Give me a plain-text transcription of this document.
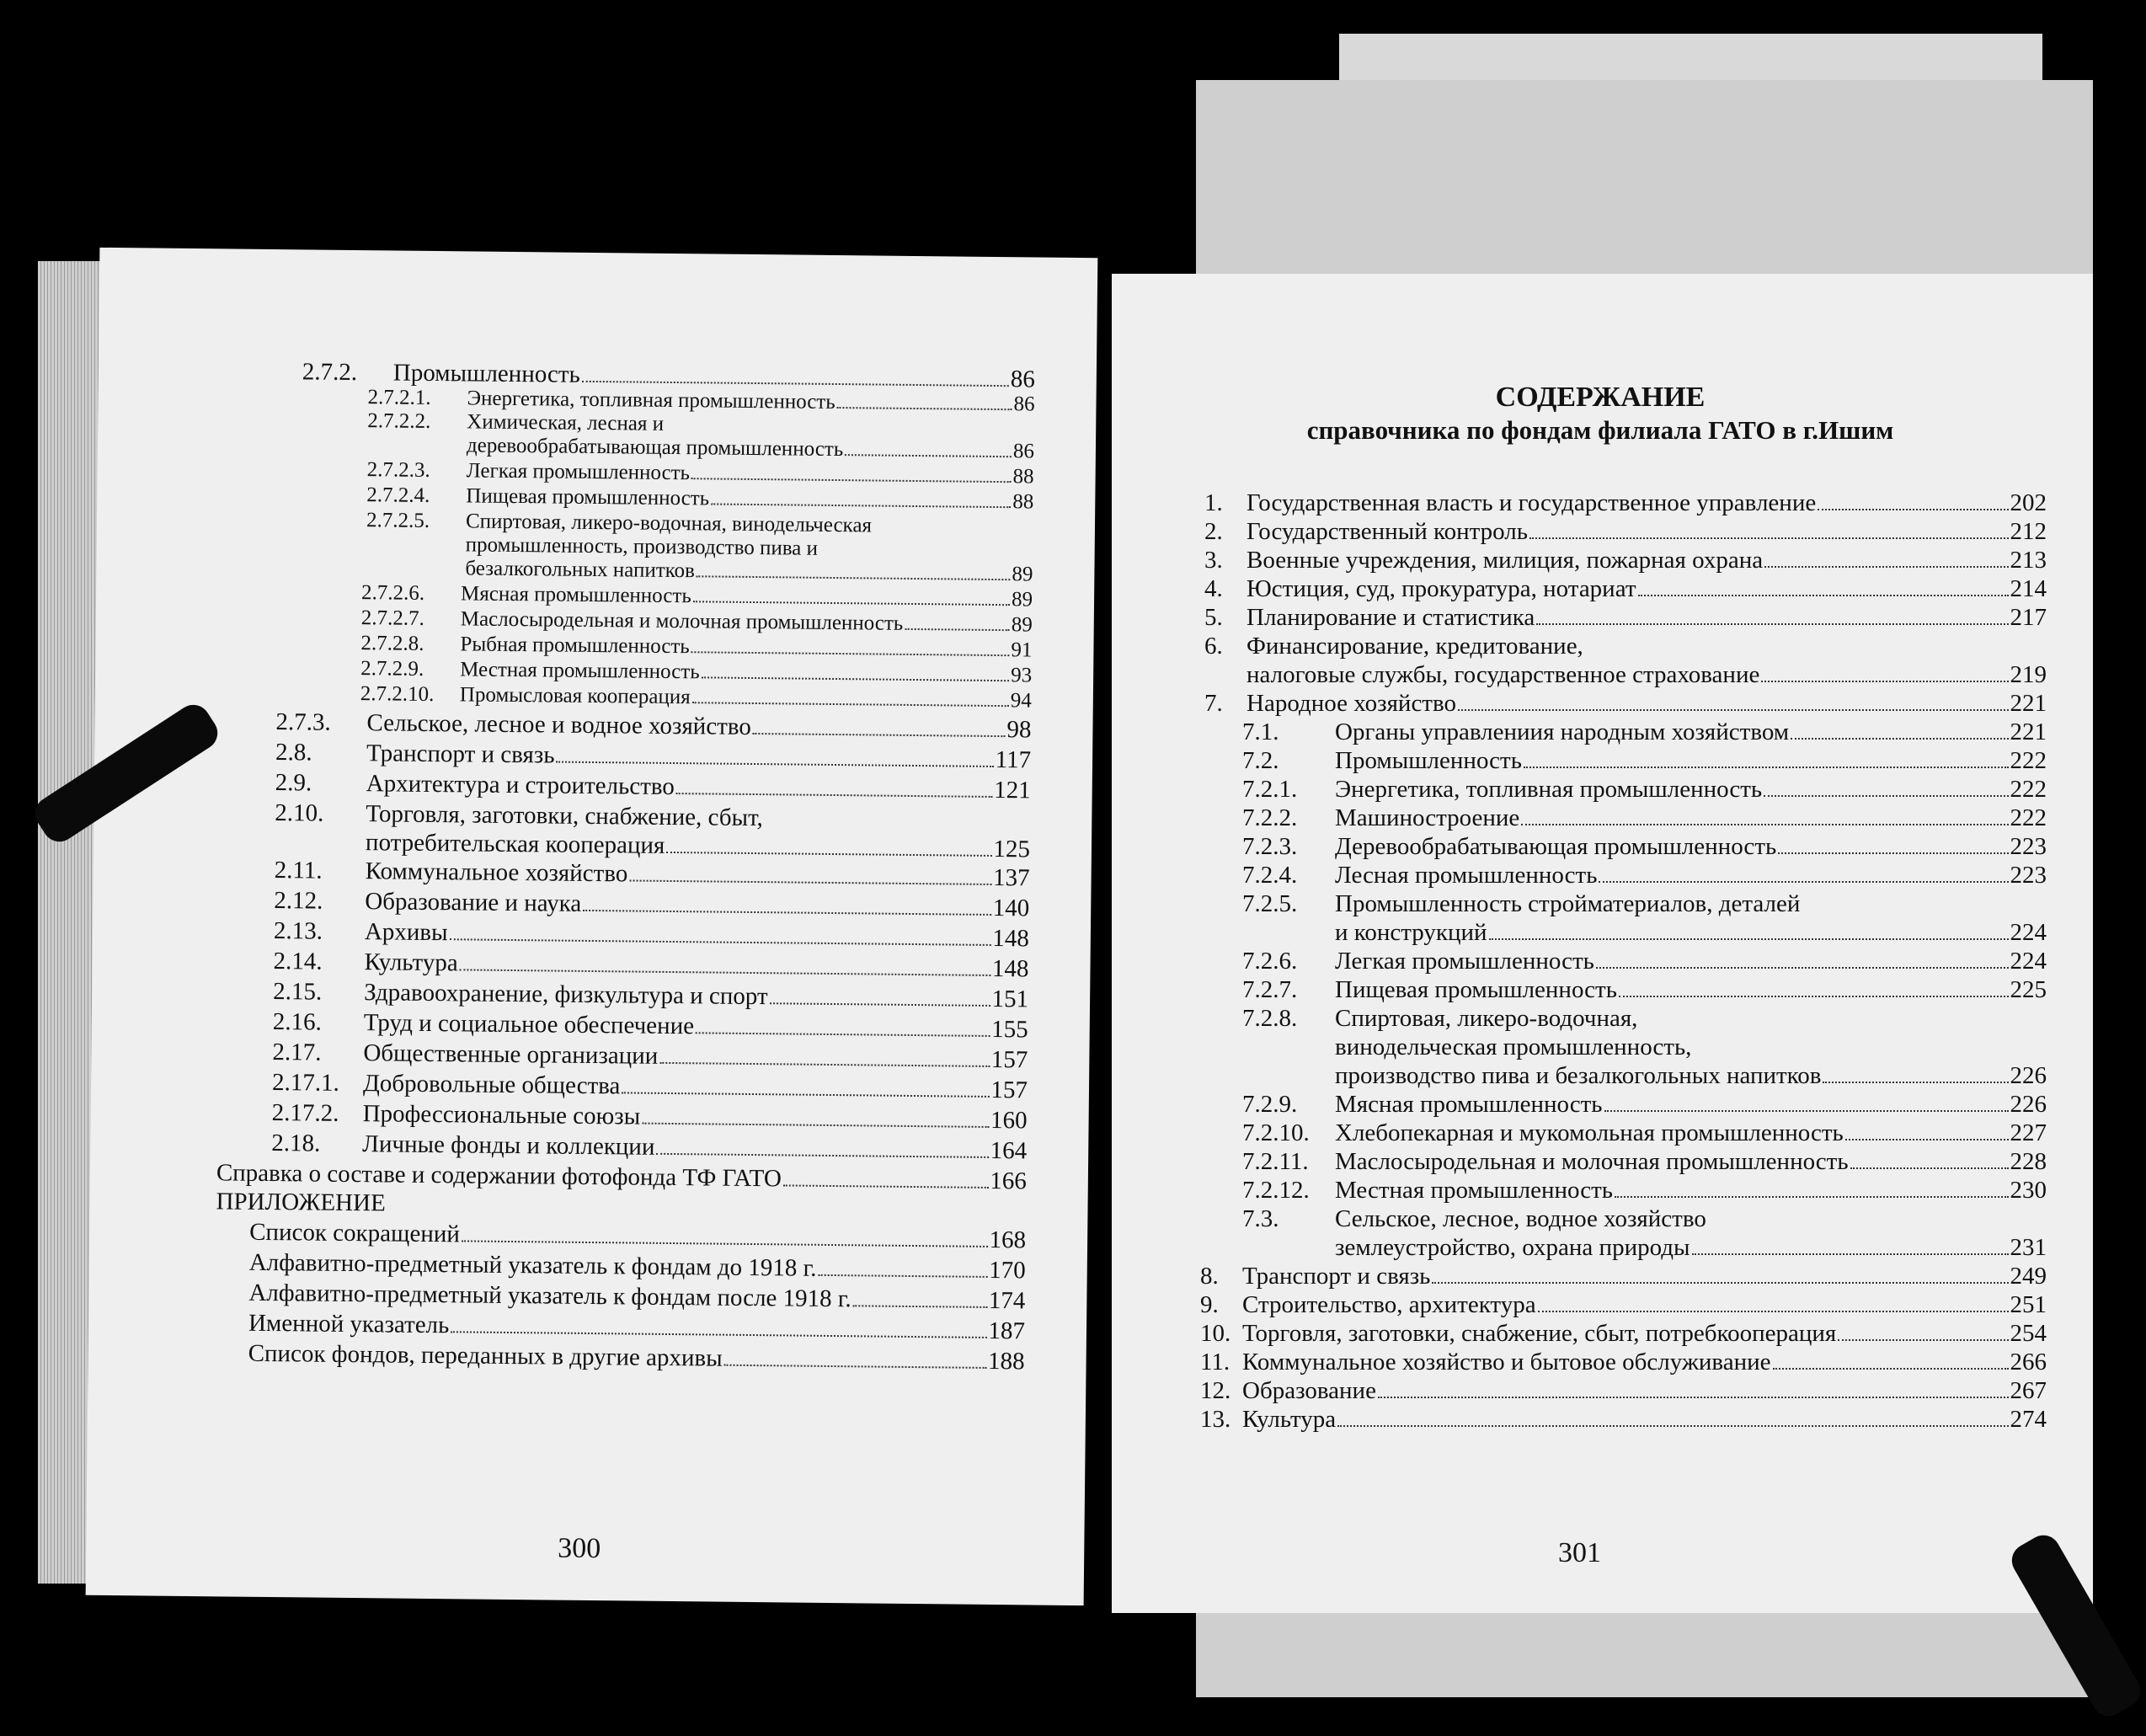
2.7.2.	Промышленность	86
2.7.2.1.	Энергетика, топливная промышленность	86
2.7.2.2. Химическая, лесная и
деревообрабатывающая промышленность	86
2.7.2.3.	Легкая промышленность	88
2.7.2.4.	Пищевая промышленность	88
2.7.2.5. Спиртовая, ликеро-водочная, винодельческая
промышленность, производство пива и
безалкогольных напитков	89
2.7.2.6.	Мясная промышленность	89
2.7.2.7.	Маслосыродельная и молочная промышленность	89
2.7.2.8.	Рыбная промышленность	91
2.7.2.9.	Местная промышленность	93
2.7.2.10.	Промысловая кооперация	94
2.7.3.	Сельское, лесное и водное хозяйство	98
2.8.	Транспорт и связь	117
2.9.	Архитектура и строительство	121
2.10. Торговля, заготовки, снабжение, сбыт,
потребительская кооперация	125
2.11.	Коммунальное хозяйство	137
2.12.	Образование и наука	140
2.13.	Архивы	148
2.14.	Культура	148
2.15.	Здравоохранение, физкультура и спорт	151
2.16.	Труд и социальное обеспечение	155
2.17.	Общественные организации	157
2.17.1. Добровольные общества	157
2.17.2. Профессиональные союзы	160
2.18.	Личные фонды и коллекции	164
Справка о составе и содержании фотофонда ТФ ГАТО	166
ПРИЛОЖЕНИЕ
Список сокращений	168
Алфавитно-предметный указатель к фондам до 1918 г.	170
Алфавитно-предметный указатель к фондам после 1918 г.	174
Именной указатель	187
Список фондов, переданных в другие архивы	188
300
СОДЕРЖАНИЕ
справочника по фондам филиала ГАТО в г.Ишим
1. Государственная власть и государственное управление	202
2. Государственный контроль	212
3. Военные учреждения, милиция, пожарная охрана	213
4. Юстиция, суд, прокуратура, нотариат	214
5. Планирование и статистика	217
6. Финансирование, кредитование,
налоговые службы, государственное страхование	219
7. Народное хозяйство	221
7.1.	Органы управлениия народным хозяйством	221
7.2.	Промышленность	222
7.2.1.	Энергетика, топливная промышленность	222
7.2.2.	Машиностроение	222
7.2.3.	Деревообрабатывающая промышленность	223
7.2.4.	Лесная промышленность	223
7.2.5. Промышленность стройматериалов, деталей
и конструкций	224
7.2.6.	Легкая промышленность	224
7.2.7.	Пищевая промышленность	225
7.2.8. Спиртовая, ликеро-водочная,
винодельческая промышленность,
производство пива и безалкогольных напитков	226
7.2.9.	Мясная промышленность	226
7.2.10.	Хлебопекарная и мукомольная промышленность	227
7.2.11.	Маслосыродельная и молочная промышленность	228
7.2.12.	Местная промышленность	230
7.3. Сельское, лесное, водное хозяйство
землеустройство, охрана природы	231
8. Транспорт и связь	249
9. Строительство, архитектура	251
10. Торговля, заготовки, снабжение, сбыт, потребкооперация	254
11. Коммунальное хозяйство и бытовое обслуживание	266
12. Образование	267
13. Культура	274
301
